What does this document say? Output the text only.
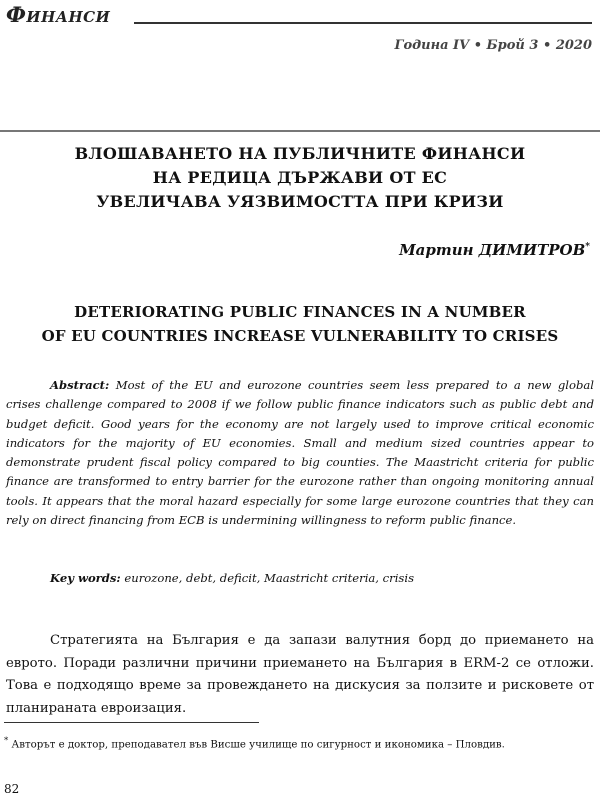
Финанси
Година IV • Брой 3 • 2020
ВЛОШАВАНЕТО НА ПУБЛИЧНИТЕ ФИНАНСИ
НА РЕДИЦА ДЪРЖАВИ ОТ ЕС
УВЕЛИЧАВА УЯЗВИМОСТТА ПРИ КРИЗИ
Мартин ДИМИТРОВ*
DETERIORATING PUBLIC FINANCES IN A NUMBER
OF EU COUNTRIES INCREASE VULNERABILITY TO CRISES
Abstract: Most of the EU and eurozone countries seem less prepared to a new global crises challenge compared to 2008 if we follow public finance indicators such as public debt and budget deficit. Good years for the economy are not largely used to improve critical economic indicators for the majority of EU economies. Small and medium sized countries appear to demonstrate prudent fiscal policy compared to big counties. The Maastricht criteria for public finance are transformed to entry barrier for the eurozone rather than ongoing monitoring annual tools. It appears that the moral hazard especially for some large eurozone countries that they can rely on direct financing from ECB is undermining willingness to reform public finance.
Key words: eurozone, debt, deficit, Maastricht criteria, crisis
Стратегията на България е да запази валутния борд до приемането на еврото. Поради различни причини приемането на България в ERM-2 се отложи. Това е подходящо време за провеждането на дискусия за ползите и рисковете от планираната еврoизация.
* Авторът е доктор, преподавател във Висше училище по сигурност и икономика – Пловдив.
82
